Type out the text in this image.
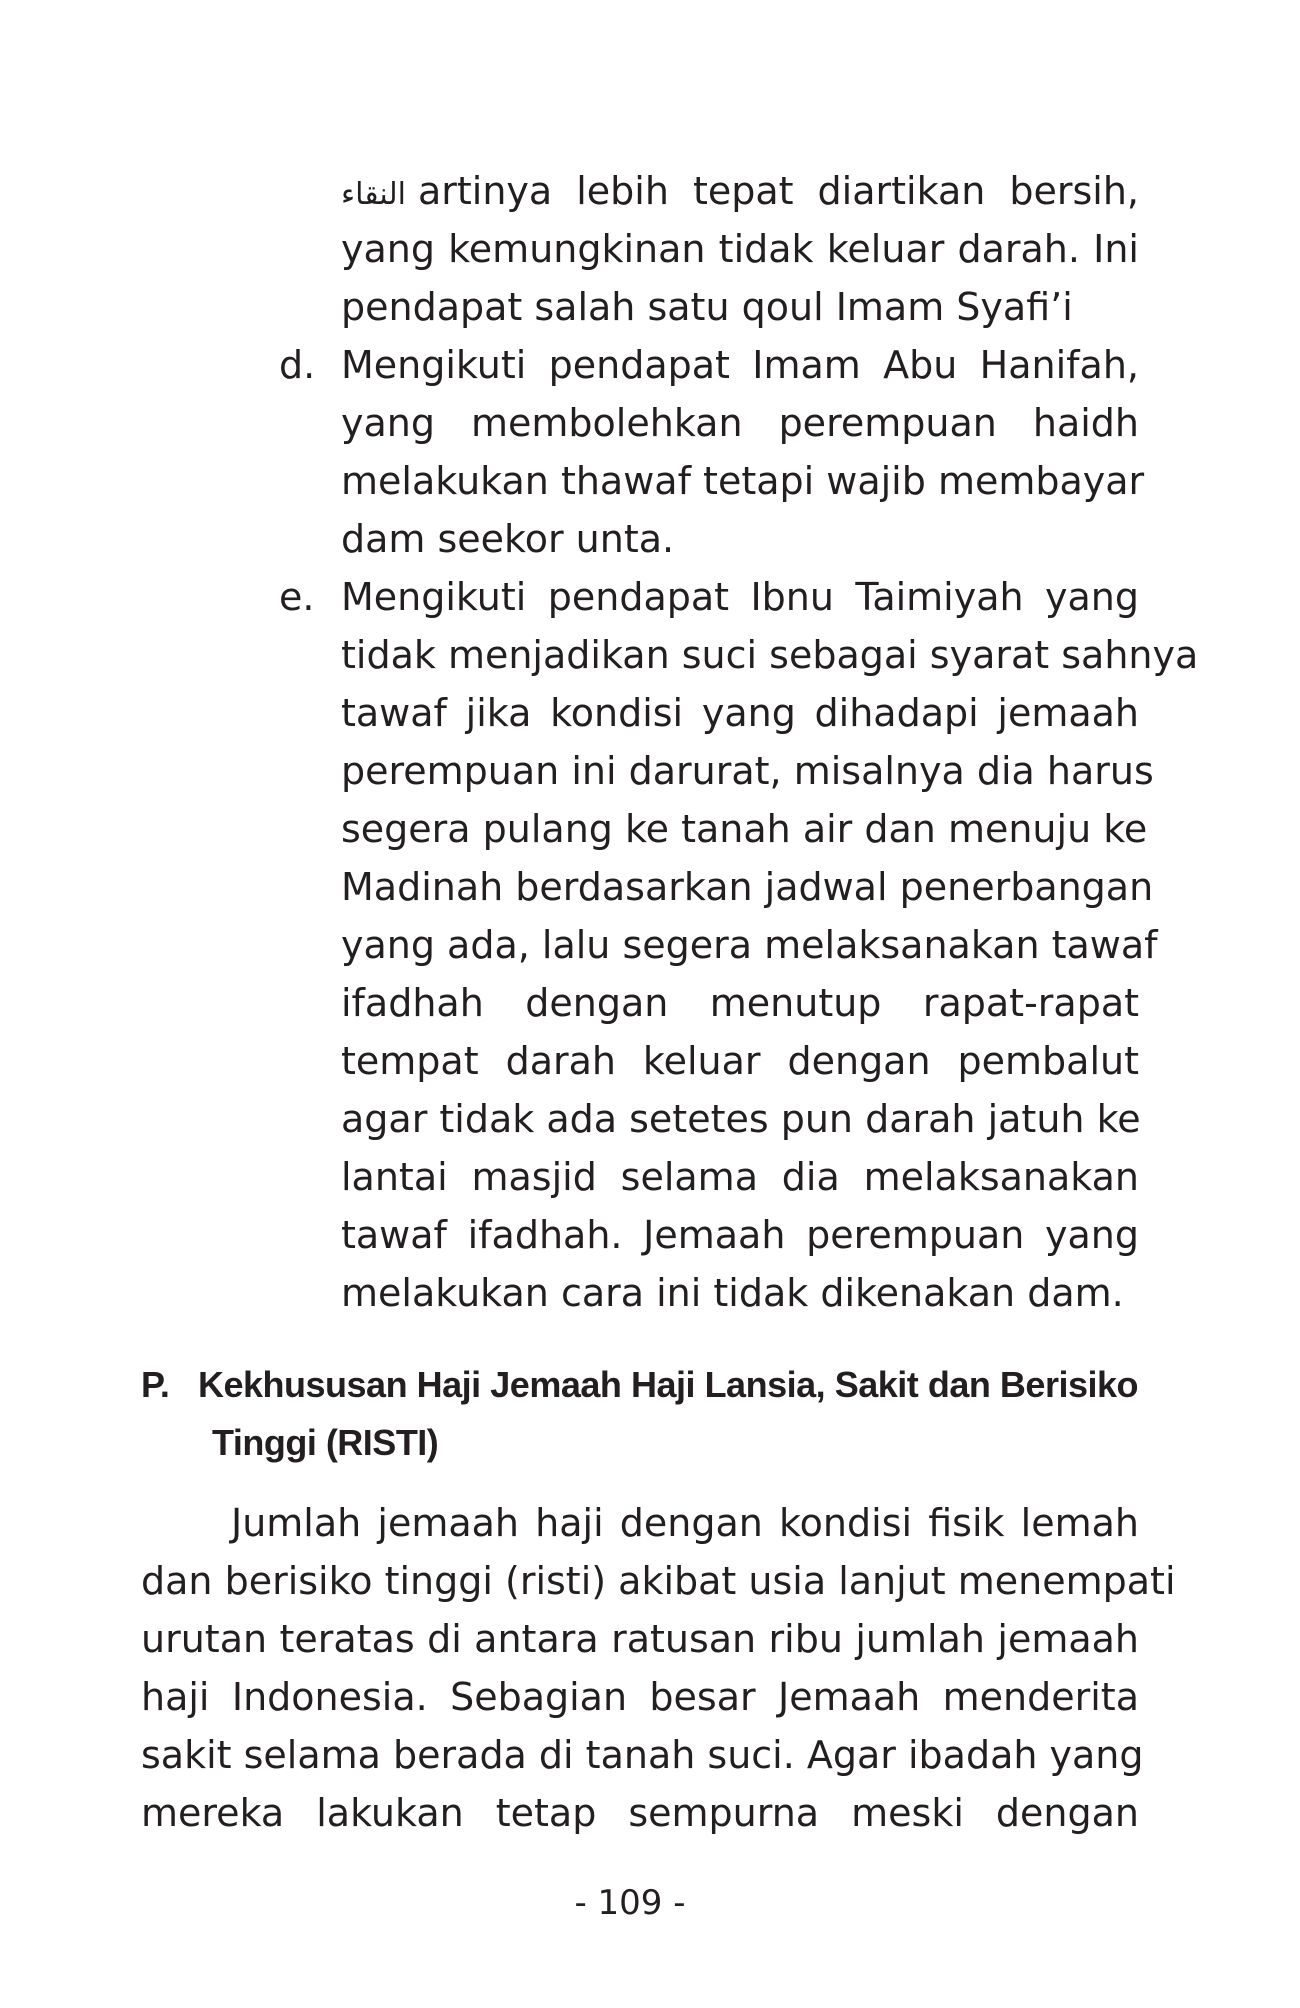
النقاء artinya lebih tepat diartikan bersih,
yang kemungkinan tidak keluar darah. Ini
pendapat salah satu qoul Imam Syafi’i
d. Mengikuti pendapat Imam Abu Hanifah,
yang membolehkan perempuan haidh
melakukan thawaf tetapi wajib membayar
dam seekor unta.
e. Mengikuti pendapat Ibnu Taimiyah yang
tidak menjadikan suci sebagai syarat sahnya
tawaf jika kondisi yang dihadapi jemaah
perempuan ini darurat, misalnya dia harus
segera pulang ke tanah air dan menuju ke
Madinah berdasarkan jadwal penerbangan
yang ada, lalu segera melaksanakan tawaf
ifadhah dengan menutup rapat-rapat
tempat darah keluar dengan pembalut
agar tidak ada setetes pun darah jatuh ke
lantai masjid selama dia melaksanakan
tawaf ifadhah. Jemaah perempuan yang
melakukan cara ini tidak dikenakan dam.
P. Kekhususan Haji Jemaah Haji Lansia, Sakit dan Berisiko
Tinggi (RISTI)
Jumlah jemaah haji dengan kondisi fisik lemah
dan berisiko tinggi (risti) akibat usia lanjut menempati
urutan teratas di antara ratusan ribu jumlah jemaah
haji Indonesia. Sebagian besar Jemaah menderita
sakit selama berada di tanah suci. Agar ibadah yang
mereka lakukan tetap sempurna meski dengan
- 109 -
